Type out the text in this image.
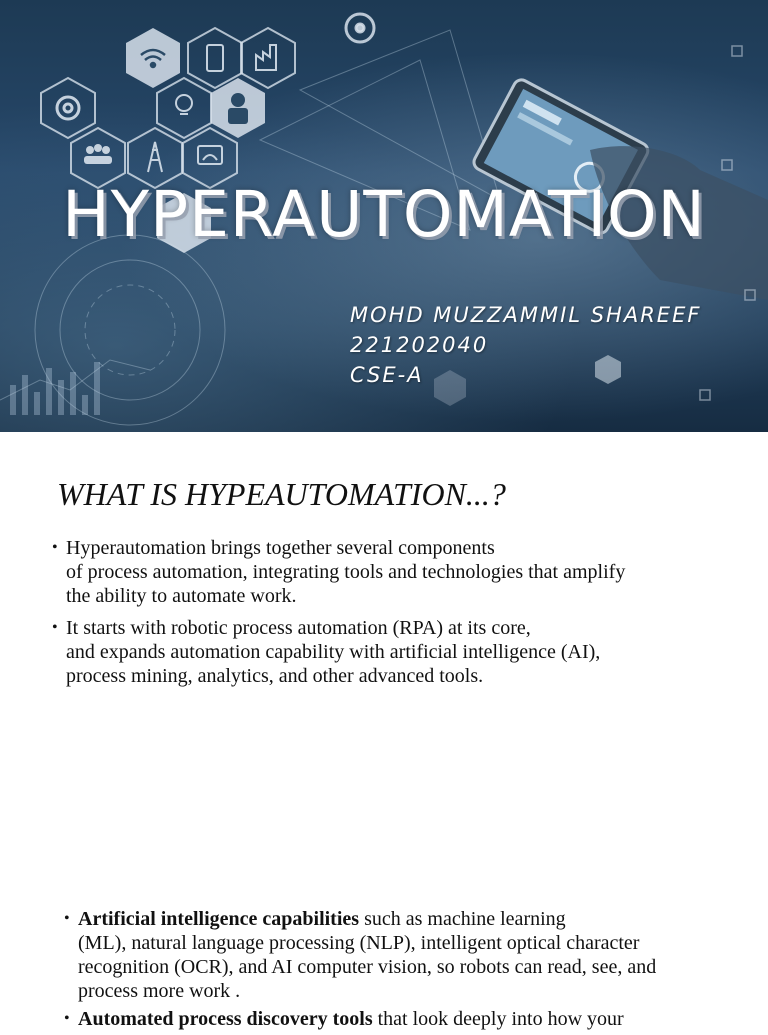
HYPERAUTOMATION
MOHD MUZZAMMIL SHAREEF
221202040
CSE-A
WHAT IS HYPEAUTOMATION...?
• Hyperautomation brings together several components
of process automation, integrating tools and technologies that amplify
the ability to automate work.
• It starts with robotic process automation (RPA) at its core,
and expands automation capability with artificial intelligence (AI),
process mining, analytics, and other advanced tools.
• Artificial intelligence capabilities such as machine learning
(ML), natural language processing (NLP), intelligent optical character
recognition (OCR), and AI computer vision, so robots can read, see, and
process more work .
• Automated process discovery tools that look deeply into how your
